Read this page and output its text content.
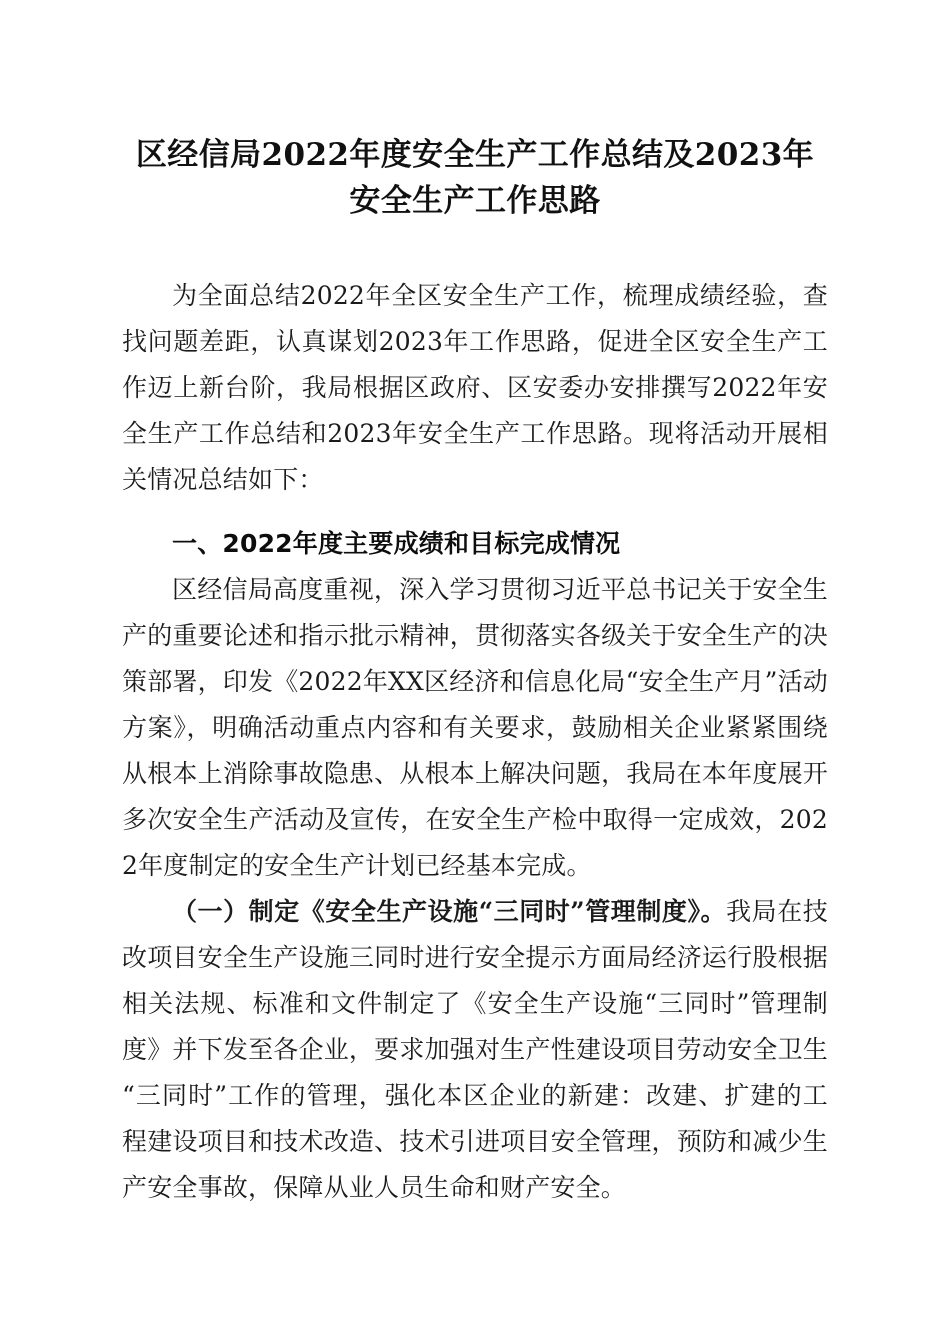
区经信局2022年度安全生产工作总结及2023年安全生产工作思路

为全面总结2022年全区安全生产工作，梳理成绩经验，查找问题差距，认真谋划2023年工作思路，促进全区安全生产工作迈上新台阶，我局根据区政府、区安委办安排撰写2022年安全生产工作总结和2023年安全生产工作思路。现将活动开展相关情况总结如下：

一、2022年度主要成绩和目标完成情况

区经信局高度重视，深入学习贯彻习近平总书记关于安全生产的重要论述和指示批示精神，贯彻落实各级关于安全生产的决策部署，印发《2022年XX区经济和信息化局“安全生产月”活动方案》，明确活动重点内容和有关要求，鼓励相关企业紧紧围绕从根本上消除事故隐患、从根本上解决问题，我局在本年度展开多次安全生产活动及宣传，在安全生产检中取得一定成效，2022年度制定的安全生产计划已经基本完成。

（一）制定《安全生产设施“三同时”管理制度》。我局在技改项目安全生产设施三同时进行安全提示方面局经济运行股根据相关法规、标准和文件制定了《安全生产设施“三同时”管理制度》并下发至各企业，要求加强对生产性建设项目劳动安全卫生“三同时”工作的管理，强化本区企业的新建：改建、扩建的工程建设项目和技术改造、技术引进项目安全管理，预防和减少生产安全事故，保障从业人员生命和财产安全。
